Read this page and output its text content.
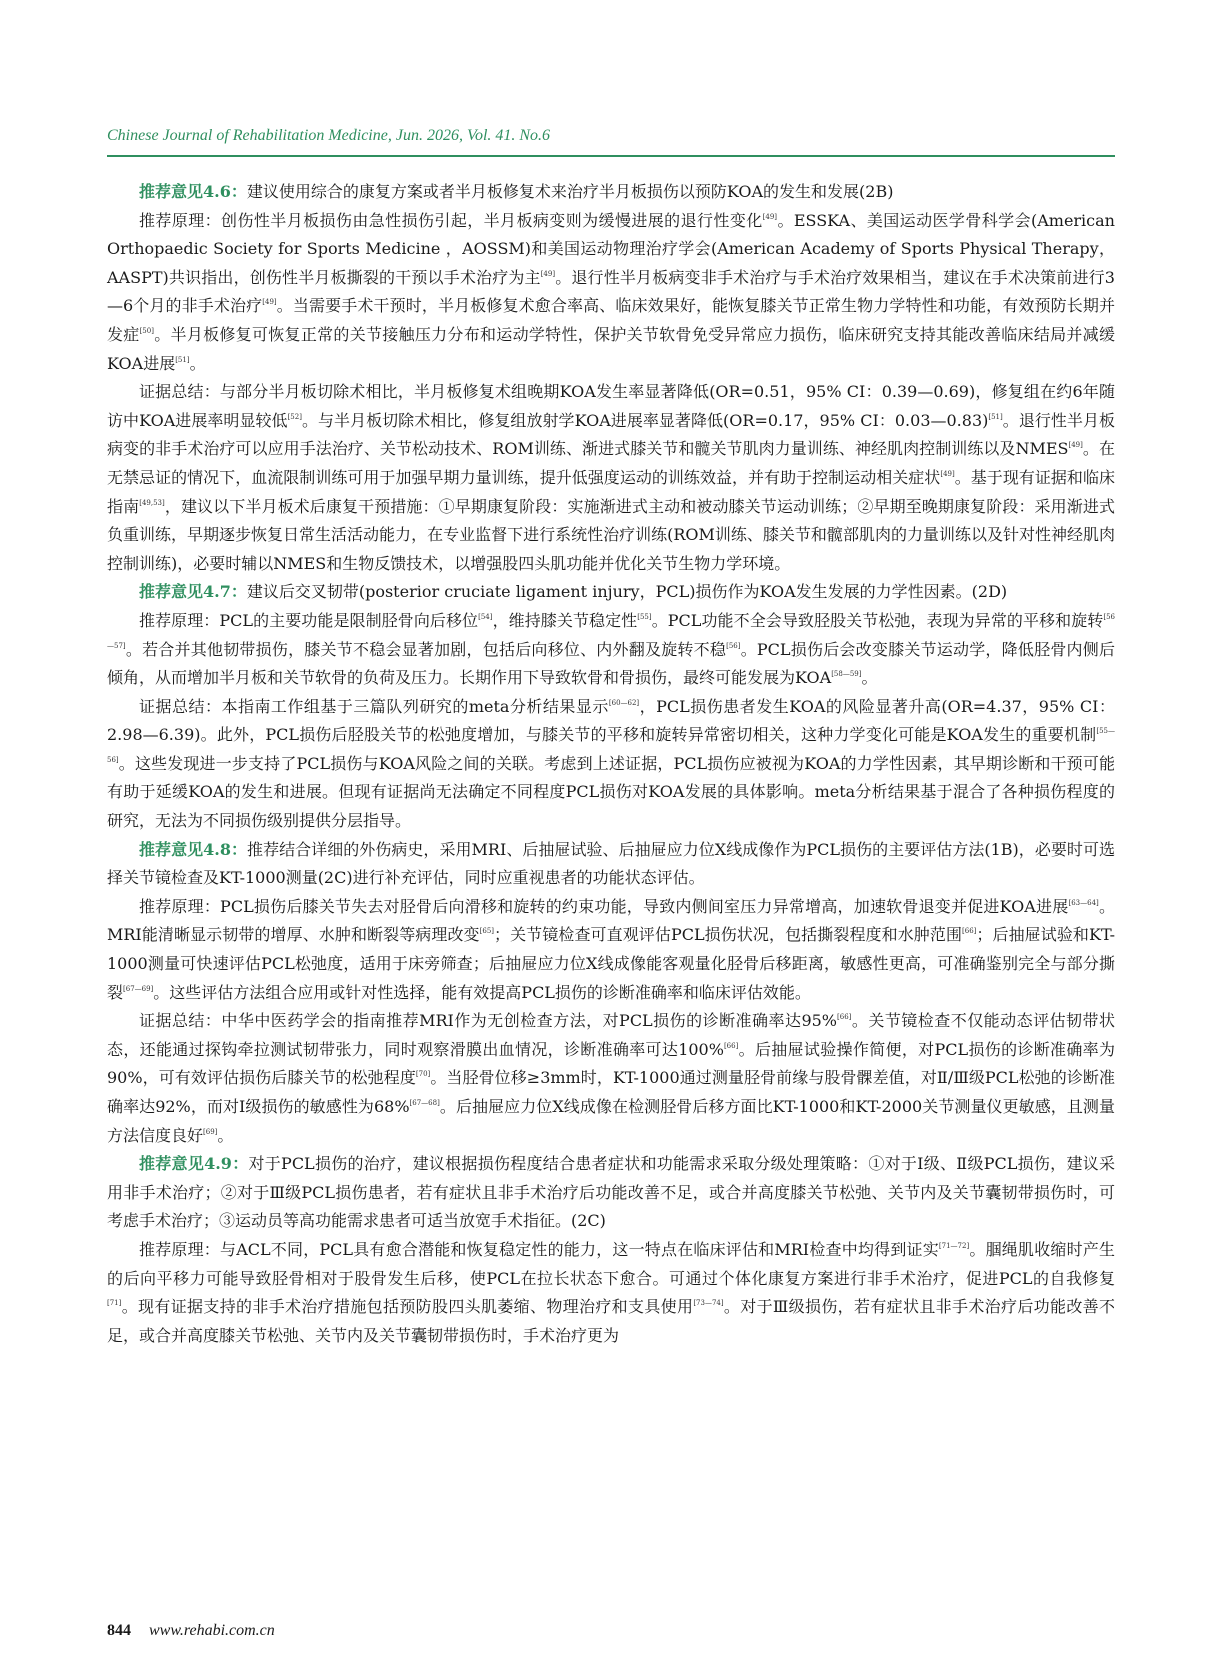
Chinese Journal of Rehabilitation Medicine, Jun. 2026, Vol. 41. No.6

推荐意见4.6：建议使用综合的康复方案或者半月板修复术来治疗半月板损伤以预防KOA的发生和发展(2B)

推荐原理：创伤性半月板损伤由急性损伤引起，半月板病变则为缓慢进展的退行性变化[49]。ESSKA、美国运动医学骨科学会(American Orthopaedic Society for Sports Medicine ，AOSSM)和美国运动物理治疗学会(American Academy of Sports Physical Therapy，AASPT)共识指出，创伤性半月板撕裂的干预以手术治疗为主[49]。退行性半月板病变非手术治疗与手术治疗效果相当，建议在手术决策前进行3—6个月的非手术治疗[49]。当需要手术干预时，半月板修复术愈合率高、临床效果好，能恢复膝关节正常生物力学特性和功能，有效预防长期并发症[50]。半月板修复可恢复正常的关节接触压力分布和运动学特性，保护关节软骨免受异常应力损伤，临床研究支持其能改善临床结局并减缓KOA进展[51]。

证据总结：与部分半月板切除术相比，半月板修复术组晚期KOA发生率显著降低(OR=0.51，95% CI：0.39—0.69)，修复组在约6年随访中KOA进展率明显较低[52]。与半月板切除术相比，修复组放射学KOA进展率显著降低(OR=0.17，95% CI：0.03—0.83)[51]。退行性半月板病变的非手术治疗可以应用手法治疗、关节松动技术、ROM训练、渐进式膝关节和髋关节肌肉力量训练、神经肌肉控制训练以及NMES[49]。在无禁忌证的情况下，血流限制训练可用于加强早期力量训练，提升低强度运动的训练效益，并有助于控制运动相关症状[49]。基于现有证据和临床指南[49,53]，建议以下半月板术后康复干预措施：①早期康复阶段：实施渐进式主动和被动膝关节运动训练；②早期至晚期康复阶段：采用渐进式负重训练，早期逐步恢复日常生活活动能力，在专业监督下进行系统性治疗训练(ROM训练、膝关节和髋部肌肉的力量训练以及针对性神经肌肉控制训练)，必要时辅以NMES和生物反馈技术，以增强股四头肌功能并优化关节生物力学环境。

推荐意见4.7：建议后交叉韧带(posterior cruciate ligament injury，PCL)损伤作为KOA发生发展的力学性因素。(2D)

推荐原理：PCL的主要功能是限制胫骨向后移位[54]，维持膝关节稳定性[55]。PCL功能不全会导致胫股关节松弛，表现为异常的平移和旋转[56—57]。若合并其他韧带损伤，膝关节不稳会显著加剧，包括后向移位、内外翻及旋转不稳[56]。PCL损伤后会改变膝关节运动学，降低胫骨内侧后倾角，从而增加半月板和关节软骨的负荷及压力。长期作用下导致软骨和骨损伤，最终可能发展为KOA[58—59]。

证据总结：本指南工作组基于三篇队列研究的meta分析结果显示[60—62]，PCL损伤患者发生KOA的风险显著升高(OR=4.37，95% CI：2.98—6.39)。此外，PCL损伤后胫股关节的松弛度增加，与膝关节的平移和旋转异常密切相关，这种力学变化可能是KOA发生的重要机制[55—56]。这些发现进一步支持了PCL损伤与KOA风险之间的关联。考虑到上述证据，PCL损伤应被视为KOA的力学性因素，其早期诊断和干预可能有助于延缓KOA的发生和进展。但现有证据尚无法确定不同程度PCL损伤对KOA发展的具体影响。meta分析结果基于混合了各种损伤程度的研究，无法为不同损伤级别提供分层指导。

推荐意见4.8：推荐结合详细的外伤病史，采用MRI、后抽屉试验、后抽屉应力位X线成像作为PCL损伤的主要评估方法(1B)，必要时可选择关节镜检查及KT-1000测量(2C)进行补充评估，同时应重视患者的功能状态评估。

推荐原理：PCL损伤后膝关节失去对胫骨后向滑移和旋转的约束功能，导致内侧间室压力异常增高，加速软骨退变并促进KOA进展[63—64]。MRI能清晰显示韧带的增厚、水肿和断裂等病理改变[65]；关节镜检查可直观评估PCL损伤状况，包括撕裂程度和水肿范围[66]；后抽屉试验和KT-1000测量可快速评估PCL松弛度，适用于床旁筛查；后抽屉应力位X线成像能客观量化胫骨后移距离，敏感性更高，可准确鉴别完全与部分撕裂[67—69]。这些评估方法组合应用或针对性选择，能有效提高PCL损伤的诊断准确率和临床评估效能。

证据总结：中华中医药学会的指南推荐MRI作为无创检查方法，对PCL损伤的诊断准确率达95%[66]。关节镜检查不仅能动态评估韧带状态，还能通过探钩牵拉测试韧带张力，同时观察滑膜出血情况，诊断准确率可达100%[66]。后抽屉试验操作简便，对PCL损伤的诊断准确率为90%，可有效评估损伤后膝关节的松弛程度[70]。当胫骨位移≥3mm时，KT-1000通过测量胫骨前缘与股骨髁差值，对Ⅱ/Ⅲ级PCL松弛的诊断准确率达92%，而对Ⅰ级损伤的敏感性为68%[67—68]。后抽屉应力位X线成像在检测胫骨后移方面比KT-1000和KT-2000关节测量仪更敏感，且测量方法信度良好[69]。

推荐意见4.9：对于PCL损伤的治疗，建议根据损伤程度结合患者症状和功能需求采取分级处理策略：①对于Ⅰ级、Ⅱ级PCL损伤，建议采用非手术治疗；②对于Ⅲ级PCL损伤患者，若有症状且非手术治疗后功能改善不足，或合并高度膝关节松弛、关节内及关节囊韧带损伤时，可考虑手术治疗；③运动员等高功能需求患者可适当放宽手术指征。(2C)

推荐原理：与ACL不同，PCL具有愈合潜能和恢复稳定性的能力，这一特点在临床评估和MRI检查中均得到证实[71—72]。腘绳肌收缩时产生的后向平移力可能导致胫骨相对于股骨发生后移，使PCL在拉长状态下愈合。可通过个体化康复方案进行非手术治疗，促进PCL的自我修复[71]。现有证据支持的非手术治疗措施包括预防股四头肌萎缩、物理治疗和支具使用[73—74]。对于Ⅲ级损伤，若有症状且非手术治疗后功能改善不足，或合并高度膝关节松弛、关节内及关节囊韧带损伤时，手术治疗更为

844 www.rehabi.com.cn
